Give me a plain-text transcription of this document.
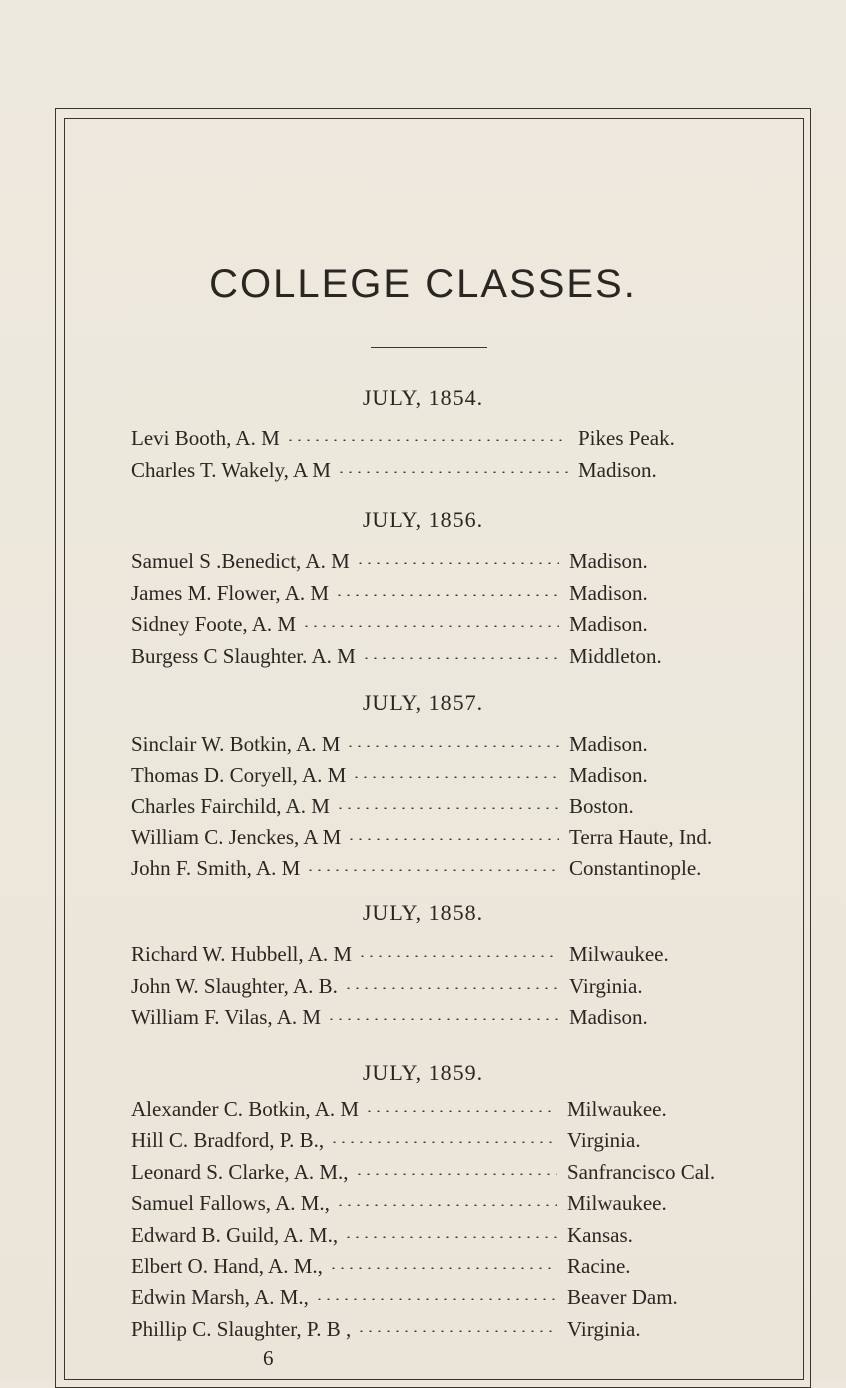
COLLEGE CLASSES.
JULY, 1854.
Levi Booth, A. M	Pikes Peak.
Charles T. Wakely, A M	Madison.
JULY, 1856.
Samuel S .Benedict, A. M	Madison.
James M. Flower, A. M	Madison.
Sidney Foote, A. M	Madison.
Burgess C Slaughter. A. M	Middleton.
JULY, 1857.
Sinclair W. Botkin, A. M	Madison.
Thomas D. Coryell, A. M	Madison.
Charles Fairchild, A. M	Boston.
William C. Jenckes, A M	Terra Haute, Ind.
John F. Smith, A. M	Constantinople.
JULY, 1858.
Richard W. Hubbell, A. M	Milwaukee.
John W. Slaughter, A. B.	Virginia.
William F. Vilas, A. M	Madison.
JULY, 1859.
Alexander C. Botkin, A. M	Milwaukee.
Hill C. Bradford, P. B.,	Virginia.
Leonard S. Clarke, A. M.,	Sanfrancisco Cal.
Samuel Fallows, A. M.,	Milwaukee.
Edward B. Guild, A. M.,	Kansas.
Elbert O. Hand, A. M.,	Racine.
Edwin Marsh, A. M.,	Beaver Dam.
Phillip C. Slaughter, P. B ,	Virginia.
6
